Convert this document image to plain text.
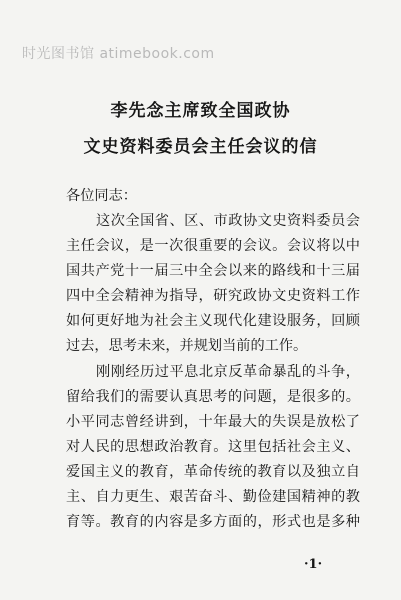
时光图书馆 atimebook.com
李先念主席致全国政协
文史资料委员会主任会议的信
各位同志：
这次全国省、区、市政协文史资料委员会
主任会议，是一次很重要的会议。会议将以中
国共产党十一届三中全会以来的路线和十三届
四中全会精神为指导，研究政协文史资料工作
如何更好地为社会主义现代化建设服务，回顾
过去，思考未来，并规划当前的工作。
刚刚经历过平息北京反革命暴乱的斗争，
留给我们的需要认真思考的问题，是很多的。
小平同志曾经讲到，十年最大的失误是放松了
对人民的思想政治教育。这里包括社会主义、
爱国主义的教育，革命传统的教育以及独立自
主、自力更生、艰苦奋斗、勤俭建国精神的教
育等。教育的内容是多方面的，形式也是多种
·1·
